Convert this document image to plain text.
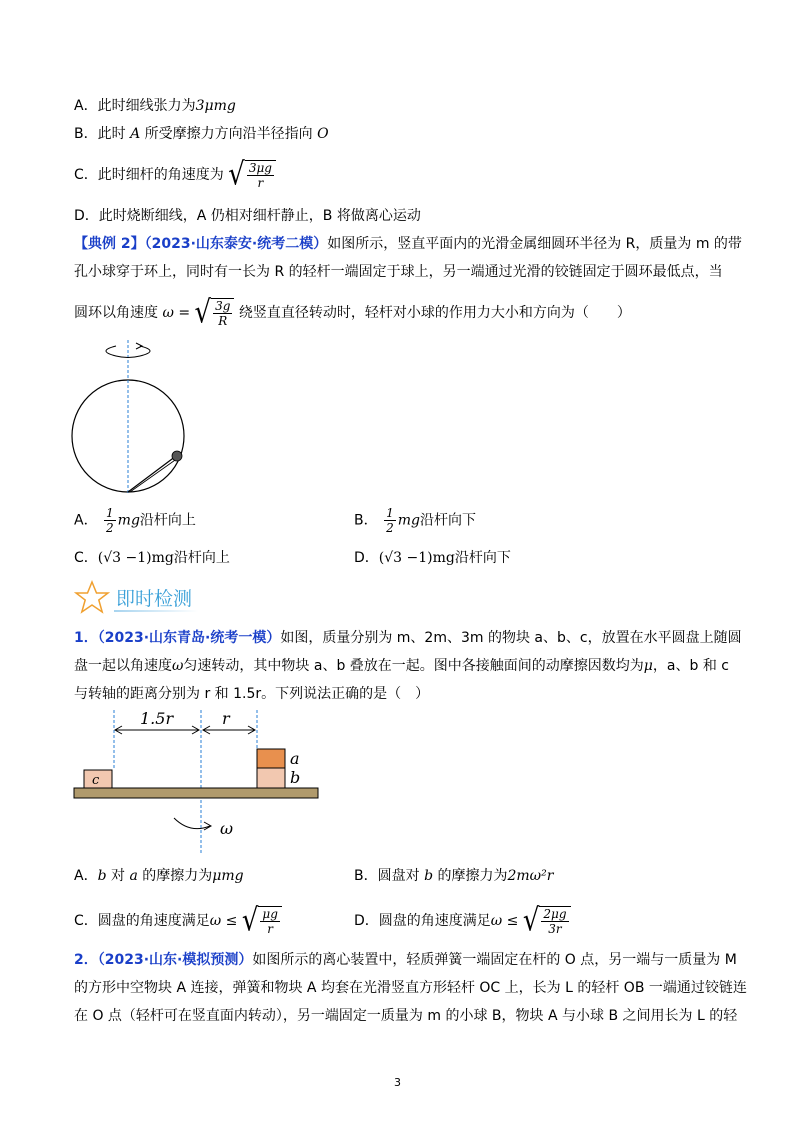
A．此时细线张力为3μmg
B．此时 A 所受摩擦力方向沿半径指向 O
C．此时细杆的角速度为 √ $\frac{3\mu g}{r}$
D．此时烧断细线，A 仍相对细杆静止，B 将做离心运动
【典例 2】（2023·山东泰安·统考二模）如图所示，竖直平面内的光滑金属细圆环半径为 R，质量为 m 的带
孔小球穿于环上，同时有一长为 R 的轻杆一端固定于球上，另一端通过光滑的铰链固定于圆环最低点，当
圆环以角速度 ω = √ $\frac{3g}{R}$ 绕竖直直径转动时，轻杆对小球的作用力大小和方向为（　　）
A． $\frac{1}{2}$ mg沿杆向上	B． $\frac{1}{2}$ mg沿杆向下
C．(√3 −1)mg沿杆向上	D．(√3 −1)mg沿杆向下
即时检测
1．（2023·山东青岛·统考一模）如图，质量分别为 m、2m、3m 的物块 a、b、c，放置在水平圆盘上随圆
盘一起以角速度ω匀速转动，其中物块 a、b 叠放在一起。图中各接触面间的动摩擦因数均为μ，a、b 和 c
与转轴的距离分别为 r 和 1.5r。下列说法正确的是（　）
1.5r	r
c
a
b
ω
A．b 对 a 的摩擦力为μmg	B．圆盘对 b 的摩擦力为2mω²r
C．圆盘的角速度满足ω ≤ √ $\frac{\mu g}{r}$	D．圆盘的角速度满足ω ≤ √ $\frac{2\mu g}{3r}$
2．（2023·山东·模拟预测）如图所示的离心装置中，轻质弹簧一端固定在杆的 O 点，另一端与一质量为 M
的方形中空物块 A 连接，弹簧和物块 A 均套在光滑竖直方形轻杆 OC 上，长为 L 的轻杆 OB 一端通过铰链连
在 O 点（轻杆可在竖直面内转动），另一端固定一质量为 m 的小球 B，物块 A 与小球 B 之间用长为 L 的轻
3
